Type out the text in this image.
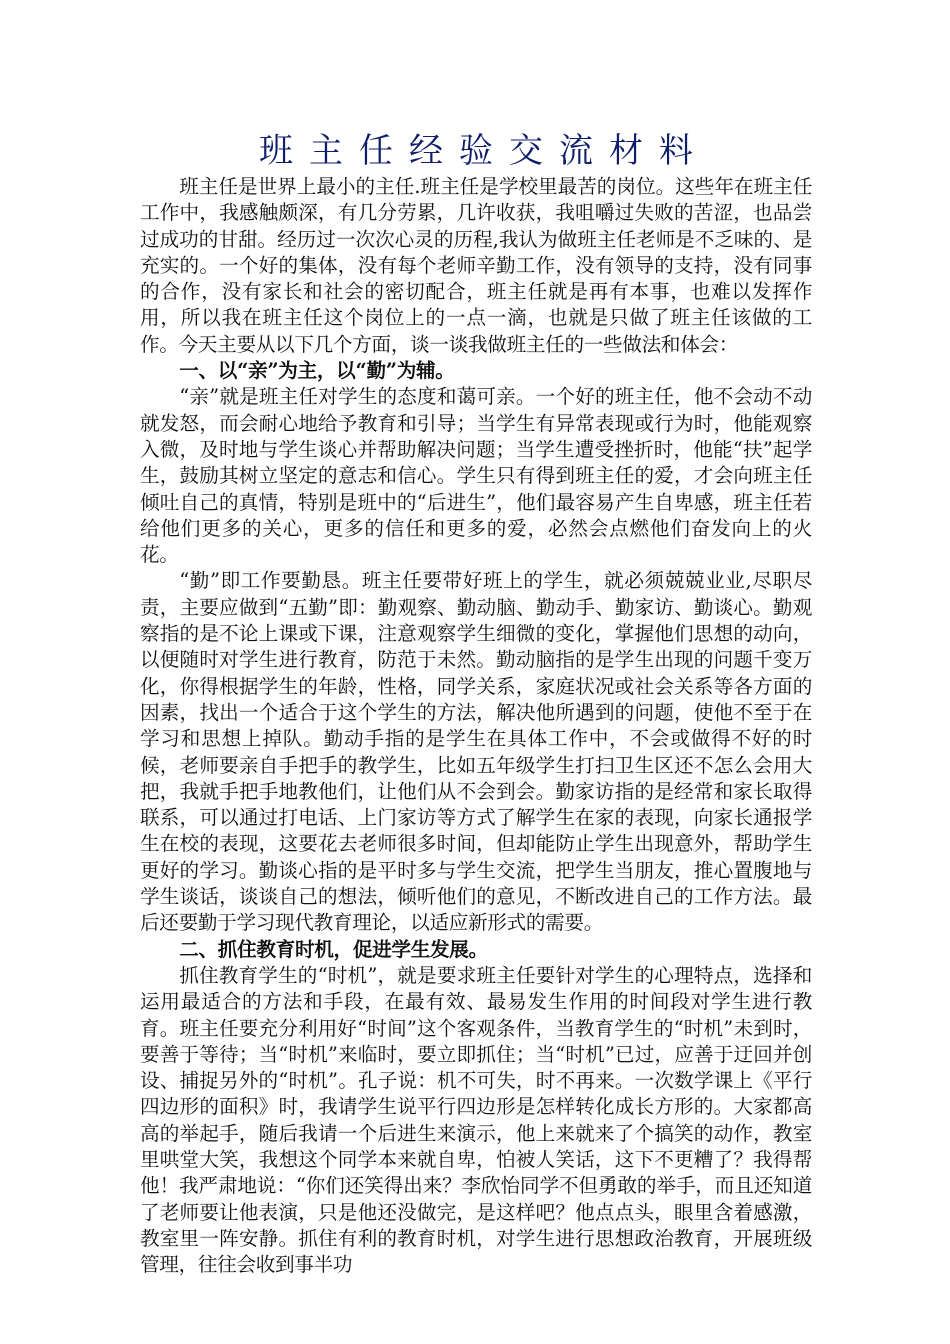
班主任经验交流材料

班主任是世界上最小的主任.班主任是学校里最苦的岗位。这些年在班主任工作中，我感触颇深，有几分劳累，几许收获，我咀嚼过失败的苦涩，也品尝过成功的甘甜。经历过一次次心灵的历程,我认为做班主任老师是不乏味的、是充实的。一个好的集体，没有每个老师辛勤工作，没有领导的支持，没有同事的合作，没有家长和社会的密切配合，班主任就是再有本事，也难以发挥作用，所以我在班主任这个岗位上的一点一滴，也就是只做了班主任该做的工作。今天主要从以下几个方面，谈一谈我做班主任的一些做法和体会：

一、以“亲”为主，以“勤”为辅。

“亲”就是班主任对学生的态度和蔼可亲。一个好的班主任，他不会动不动就发怒，而会耐心地给予教育和引导；当学生有异常表现或行为时，他能观察入微，及时地与学生谈心并帮助解决问题；当学生遭受挫折时，他能“扶”起学生，鼓励其树立坚定的意志和信心。学生只有得到班主任的爱，才会向班主任倾吐自己的真情，特别是班中的“后进生”，他们最容易产生自卑感，班主任若给他们更多的关心，更多的信任和更多的爱，必然会点燃他们奋发向上的火花。

“勤”即工作要勤恳。班主任要带好班上的学生，就必须兢兢业业,尽职尽责，主要应做到“五勤”即：勤观察、勤动脑、勤动手、勤家访、勤谈心。勤观察指的是不论上课或下课，注意观察学生细微的变化，掌握他们思想的动向，以便随时对学生进行教育，防范于未然。勤动脑指的是学生出现的问题千变万化，你得根据学生的年龄，性格，同学关系，家庭状况或社会关系等各方面的因素，找出一个适合于这个学生的方法，解决他所遇到的问题，使他不至于在学习和思想上掉队。勤动手指的是学生在具体工作中，不会或做得不好的时候，老师要亲自手把手的教学生，比如五年级学生打扫卫生区还不怎么会用大把，我就手把手地教他们，让他们从不会到会。勤家访指的是经常和家长取得联系，可以通过打电话、上门家访等方式了解学生在家的表现，向家长通报学生在校的表现，这要花去老师很多时间，但却能防止学生出现意外，帮助学生更好的学习。勤谈心指的是平时多与学生交流，把学生当朋友，推心置腹地与学生谈话，谈谈自己的想法，倾听他们的意见，不断改进自己的工作方法。最后还要勤于学习现代教育理论，以适应新形式的需要。

二、抓住教育时机，促进学生发展。

抓住教育学生的“时机”，就是要求班主任要针对学生的心理特点，选择和运用最适合的方法和手段，在最有效、最易发生作用的时间段对学生进行教育。班主任要充分利用好“时间”这个客观条件，当教育学生的“时机”未到时，要善于等待；当“时机”来临时，要立即抓住；当“时机”已过，应善于迂回并创设、捕捉另外的“时机”。孔子说：机不可失，时不再来。一次数学课上《平行四边形的面积》时，我请学生说平行四边形是怎样转化成长方形的。大家都高高的举起手，随后我请一个后进生来演示，他上来就来了个搞笑的动作，教室里哄堂大笑，我想这个同学本来就自卑，怕被人笑话，这下不更糟了？我得帮他！我严肃地说：“你们还笑得出来？李欣怡同学不但勇敢的举手，而且还知道了老师要让他表演，只是他还没做完，是这样吧？他点点头，眼里含着感激，教室里一阵安静。抓住有利的教育时机，对学生进行思想政治教育，开展班级管理，往往会收到事半功
